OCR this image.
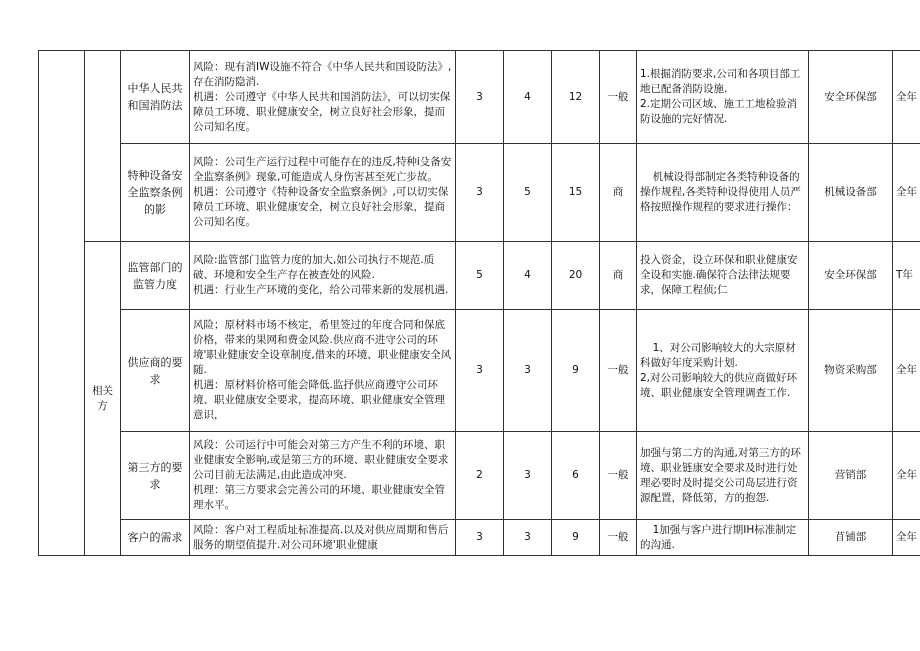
		中华人民共和国消防法	风险：现有消IW设施不符合《中华人民共和国设防法》,存在消防隐消.
机遇：公司遵守《中华人民共和国消防法》，可以切实保障员工环境、职业健康安全，树立良好社会形象，提而公司知名度。	3	4	12	一般	1.根掘消防要求,公司和各项目部工地已配备消防设施.
2.定期公司区域、施工工地检验消防设施的完好情况.	安全环保部	全年
		特种设备安全监察条例的影	风险：公司生产运行过程中可能存在的违反,特种i殳备安全监察条例》现象,可能造成人身伤害甚至死亡步故。
机遇：公司遵守《特种设备安全监察条例》,可以切实保障员工环境、职业健康安全，树立良好社会形象，提商公司知名度。	3	5	15	商	机械设得部制定各类特种设备的操作规程,各类特种设得使用人员严格按照操作规程的要求进行操作：	机械设备部	全年
	相关方	监管部门的监管力度	风险:监管部门监管力度的加大,如公司执行不规范.质破、环境和安全生产存在被查处的风险.
机遇：行业生产环境的变化，给公司带来新的发展机遇.	5	4	20	商	投入资金，设立环保和职业健康安全设和实施.确保符合法律法规要求，保障工程侦;仁	安全环保部	T年
		供应商的要求	风险；原材料市场不核定，希里签过的年度合同和保底价格，带来的果网和费金风险.供应商不进守公司的环境'职业健康安全设章制度,借来的环境、职业健康安全风随.
机遇：原材料价格可能会降低.监抒供应商遵守公司环境、职业健康安全要求，提高环境、职业健康安全管理意识，	3	3	9	一般	1、对公司影响较大的大宗原材科做好年度采购计划.
2,对公司影响较大的供应商做好环境、职业健康安全管理调查工作.	物资采购部	全年
		第三方的要求	风段：公司运行中可能会对第三方产生不利的环境、职业健康安全影响,或是第三方的环境、职业健康安全要求公司目前无法满足,由此造成冲突.
机理：第三方要求会完善公司的环境、职业健康安全管理水平。	2	3	6	一般	加强与第二方的沟通,对第三方的环境、职业链康安全要求及时进行处理必要时及时提交公司岛层进行资源配置，降低第，方的抱怨.	营销部	全年
		客户的需求	风险：客户对工程质址标准提高.以及对供应周期和售后服务的期望值提升.对公司环境'职业健康	3	3	9	一般	1加强与客户进行期IH标准制定的沟通.	苜铺部	全年
